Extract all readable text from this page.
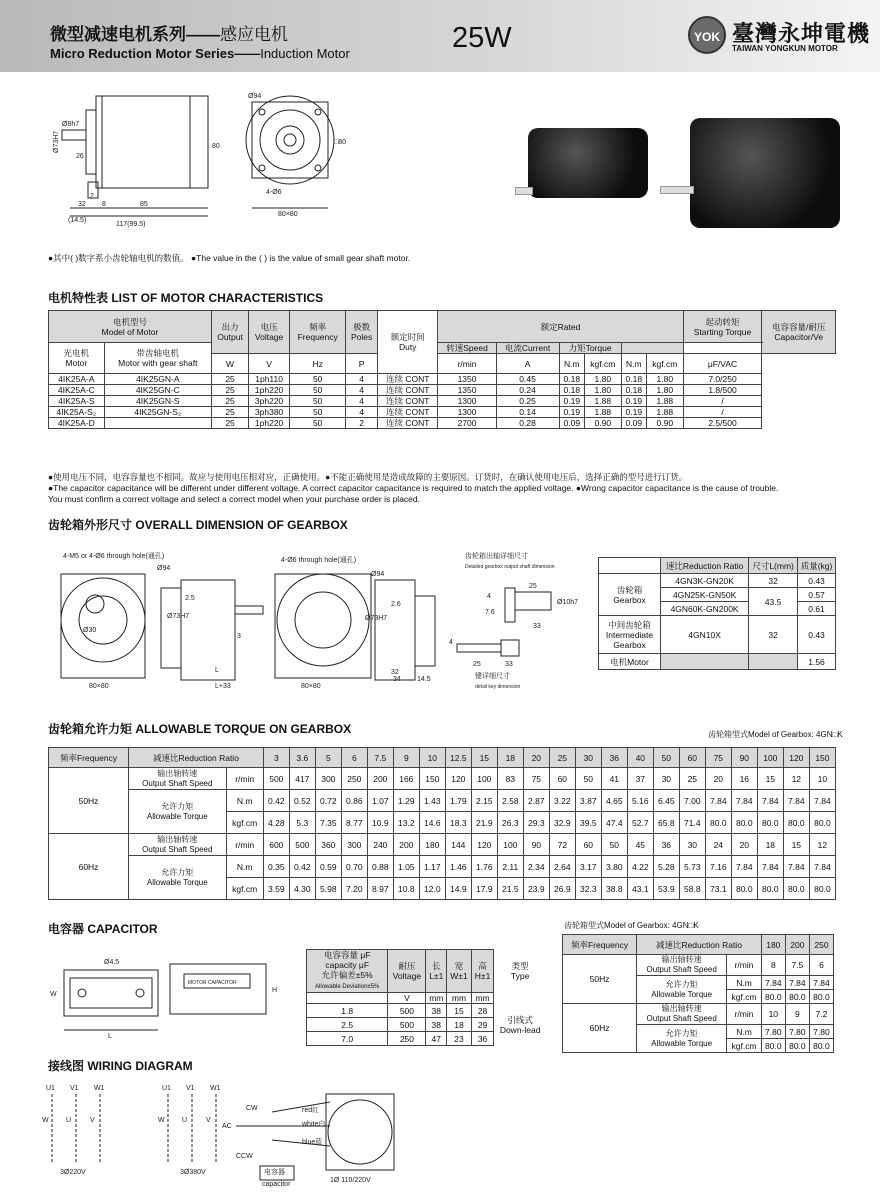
微型减速电机系列——感应电机
Micro Reduction Motor Series——Induction Motor	25W	YOK 臺灣永坤電機
TAIWAN YONGKUN MOTOR
Ø73H7
Ø8h7
2
26
32 8	85
(14.5)
117(99.5)
80
Ø94
4-Ø6
80×80
□80
●其中( )数字系小齿轮轴电机的数值。 ●The value in the ( ) is the value of small gear shaft motor.
电机特性表 LIST OF MOTOR CHARACTERISTICS
电机型号
Model of Motor		出力
Output	电压
Voltage	频率
Frequency	极数
Poles	额定时间
Duty	额定Rated						起动转矩
Starting Torque	电容容量/耐压
Capacitor/Ve
光电机
Motor	带齿轴电机
Motor with gear shaft						转速Speed	电流Current	力矩Torque					
		W	V	Hz	P		r/min	A	N.m	kgf.cm	N.m	kgf.cm	μF/VAC	
4IK25A-A	4IK25GN-A	25	1ph110	50	4	连续 CONT	1350	0.45	0.18	1.80	0.18	1.80	7.0/250	
4IK25A-C	4IK25GN-C	25	1ph220	50	4	连续 CONT	1350	0.24	0.18	1.80	0.18	1.80	1.8/500	
4IK25A-S	4IK25GN-S	25	3ph220	50	4	连续 CONT	1300	0.25	0.19	1.88	0.19	1.88	/	
4IK25A-S₂	4IK25GN-S₂	25	3ph380	50	4	连续 CONT	1300	0.14	0.19	1.88	0.19	1.88	/	
4IK25A-D		25	1ph220	50	2	连续 CONT	2700	0.28	0.09	0.90	0.09	0.90	2.5/500	
●使用电压不同，电容容量也不相同。故应与使用电压相对应，正确使用。●不能正确使用是造成故障的主要原因。订货时，在确认使用电压后，选择正确的型号进行订货。
●The capacitor capacitance will be different under different voltage. A correct capacitor capacitance is required to match the applied voltage. ●Wrong capacitor capacitance is the cause of trouble.
You must confirm a correct voltage and select a correct model when your purchase order is placed.
齿轮箱外形尺寸 OVERALL DIMENSION OF GEARBOX
4-M5 or 4-Ø6 through hole(通孔)
Ø94
Ø30
2.5
Ø73H7
3
L
L+33
80×80
4-Ø6 through hole(通孔)
Ø94
Ø73H7
2.6
32
34 14.5
80×80
齿轮箱出轴详细尺寸
Detailed gearbox output shaft dimension
Ø10h7
25
4
7.6
33
4
25	33
键详细尺寸
detail key dimension
	速比Reduction Ratio	尺寸L(mm)	质量(kg)
齿轮箱
Gearbox	4GN3K-GN20K	32	0.43
	4GN25K-GN50K	43.5	0.57
	4GN60K-GN200K		0.61
中间齿轮箱
Intermediate
Gearbox	4GN10X	32	0.43
电机Motor			1.56
齿轮箱允许力矩 ALLOWABLE TORQUE ON GEARBOX	齿轮箱型式Model of Gearbox: 4GN□K
频率Frequency	减速比Reduction Ratio		3	3.6	5	6	7.5	9	10	12.5	15	18	20	25	30	36	40	50	60	75	90	100	120	150
50Hz	输出轴转速
Output Shaft Speed	r/min	500	417	300	250	200	166	150	120	100	83	75	60	50	41	37	30	25	20	16	15	12	10
	允许力矩
Allowable Torque	N.m	0.42	0.52	0.72	0.86	1.07	1.29	1.43	1.79	2.15	2.58	2.87	3.22	3.87	4.65	5.16	6.45	7.00	7.84	7.84	7.84	7.84	7.84
		kgf.cm	4.28	5.3	7.35	8.77	10.9	13.2	14.6	18.3	21.9	26.3	29.3	32.9	39.5	47.4	52.7	65.8	71.4	80.0	80.0	80.0	80.0	80.0
60Hz	输出轴转速
Output Shaft Speed	r/min	600	500	360	300	240	200	180	144	120	100	90	72	60	50	45	36	30	24	20	18	15	12
	允许力矩
Allowable Torque	N.m	0.35	0.42	0.59	0.70	0.88	1.05	1.17	1.46	1.76	2.11	2.34	2.64	3.17	3.80	4.22	5.28	5.73	7.16	7.84	7.84	7.84	7.84
		kgf.cm	3.59	4.30	5.98	7.20	8.97	10.8	12.0	14.9	17.9	21.5	23.9	26.9	32.3	38.8	43.1	53.9	58.8	73.1	80.0	80.0	80.0	80.0
电容器 CAPACITOR
Ø4.5
MOTOR CAPACITOR
W
H
L
电容容量 μF
capacity μF
允许偏差±5%
Allowable Deviation±5%	耐压
Voltage	长
L±1	宽
W±1	高
H±1	类型
Type
	V	mm	mm	mm	
1.8	500	38	15	28	引线式
Down-lead
2.5	500	38	18	29	
7.0	250	47	23	36	
齿轮箱型式Model of Gearbox: 4GN□K
频率Frequency	减速比Reduction Ratio		180	200	250
50Hz	输出轴转速
Output Shaft Speed	r/min	8	7.5	6
	允许力矩
Allowable Torque	N.m	7.84	7.84	7.84
		kgf.cm	80.0	80.0	80.0
60Hz	输出轴转速
Output Shaft Speed	r/min	10	9	7.2
	允许力矩
Allowable Torque	N.m	7.80	7.80	7.80
		kgf.cm	80.0	80.0	80.0
接线图 WIRING DIAGRAM
U1 V1 W1
W U	V
3Ø220V
U1 V1 W1
W U	V
3Ø380V
AC
CW
CCW
red红
white白
blue蓝
电容器
capacitor
1Ø 110/220V
